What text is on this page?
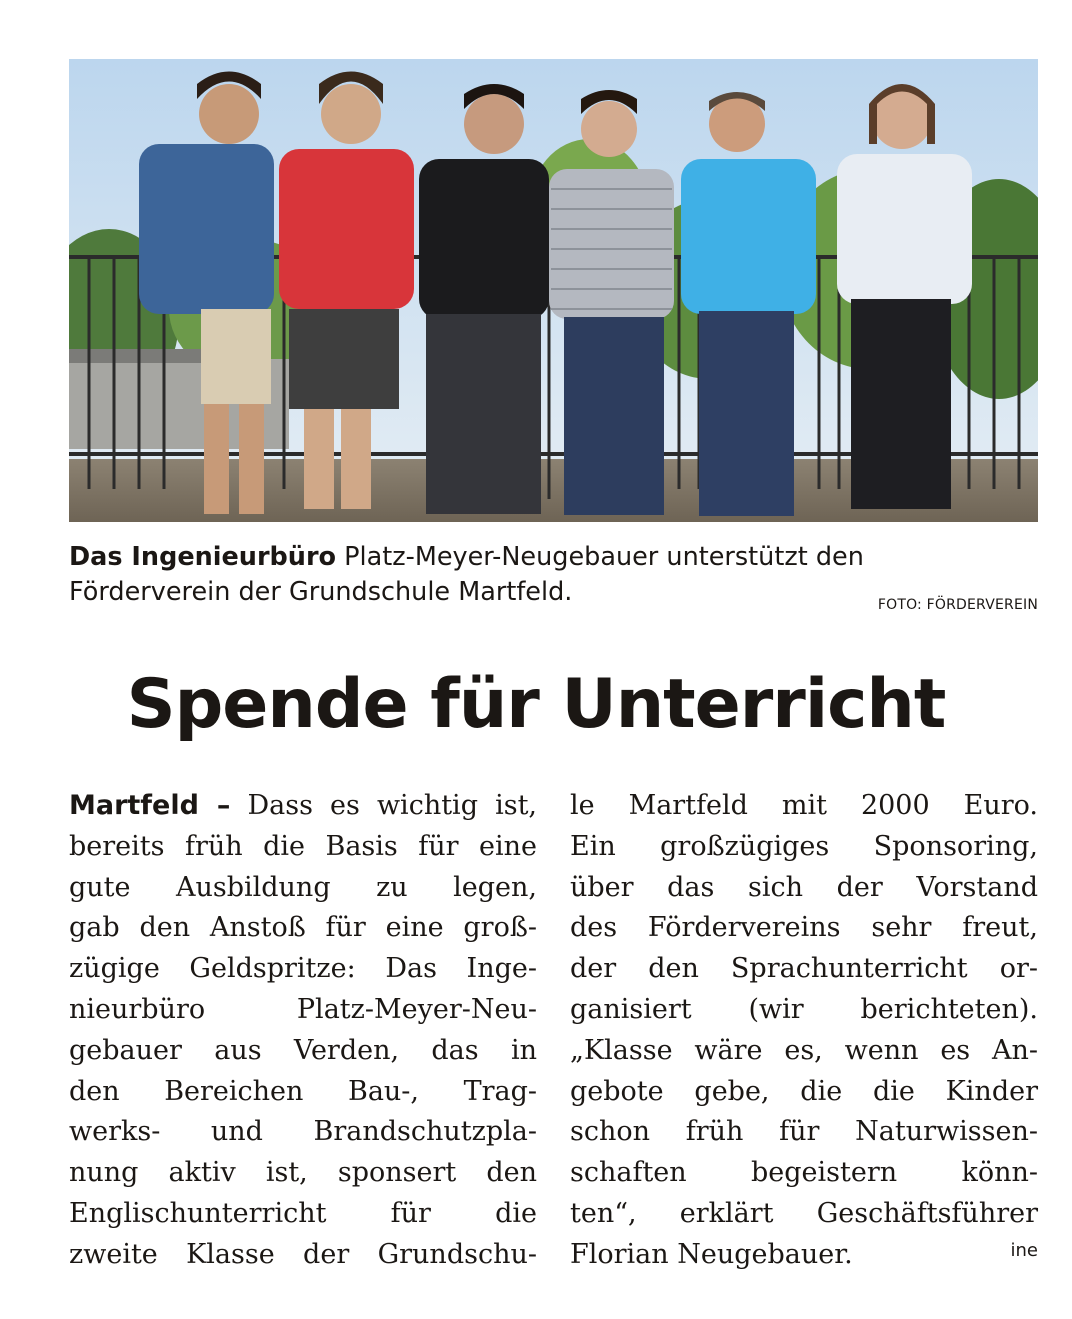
Das Ingenieurbüro Platz-Meyer-Neugebauer unterstützt den
Förderverein der Grundschule Martfeld.	FOTO: FÖRDERVEREIN
Spende für Unterricht
Martfeld – Dass es wichtig ist,
bereits früh die Basis für eine
gute Ausbildung zu legen,
gab den Anstoß für eine groß-
zügige Geldspritze: Das Inge-
nieurbüro Platz-Meyer-Neu-
gebauer aus Verden, das in
den Bereichen Bau-, Trag-
werks- und Brandschutzpla-
nung aktiv ist, sponsert den
Englischunterricht für die
zweite Klasse der Grundschu-
le Martfeld mit 2000 Euro.
Ein großzügiges Sponsoring,
über das sich der Vorstand
des Fördervereins sehr freut,
der den Sprachunterricht or-
ganisiert (wir berichteten).
„Klasse wäre es, wenn es An-
gebote gebe, die die Kinder
schon früh für Naturwissen-
schaften begeistern könn-
ten“, erklärt Geschäftsführer
Florian Neugebauer.	ine
